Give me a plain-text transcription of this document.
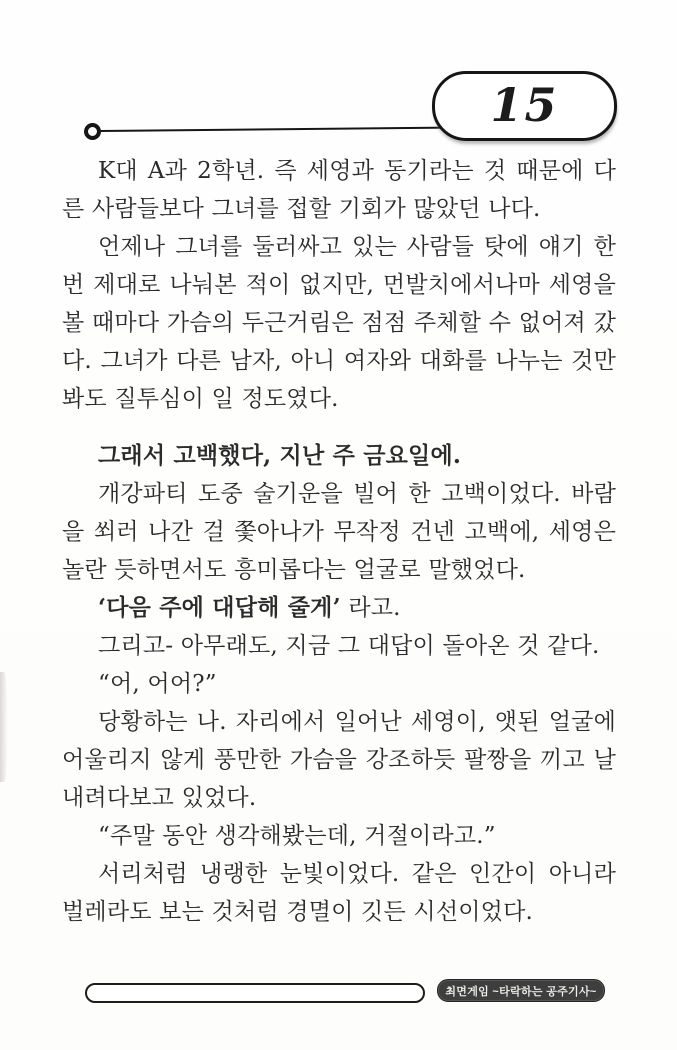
15

K대 A과 2학년. 즉 세영과 동기라는 것 때문에 다른 사람들보다 그녀를 접할 기회가 많았던 나다.

언제나 그녀를 둘러싸고 있는 사람들 탓에 얘기 한번 제대로 나눠본 적이 없지만, 먼발치에서나마 세영을 볼 때마다 가슴의 두근거림은 점점 주체할 수 없어져 갔다. 그녀가 다른 남자, 아니 여자와 대화를 나누는 것만 봐도 질투심이 일 정도였다.

그래서 고백했다, 지난 주 금요일에.

개강파티 도중 술기운을 빌어 한 고백이었다. 바람을 쐬러 나간 걸 쫓아나가 무작정 건넨 고백에, 세영은 놀란 듯하면서도 흥미롭다는 얼굴로 말했었다.

‘다음 주에 대답해 줄게’ 라고.

그리고- 아무래도, 지금 그 대답이 돌아온 것 같다.

“어, 어어?”

당황하는 나. 자리에서 일어난 세영이, 앳된 얼굴에 어울리지 않게 풍만한 가슴을 강조하듯 팔짱을 끼고 날 내려다보고 있었다.

“주말 동안 생각해봤는데, 거절이라고.”

서리처럼 냉랭한 눈빛이었다. 같은 인간이 아니라 벌레라도 보는 것처럼 경멸이 깃든 시선이었다.

최면게임 ~타락하는 공주기사~
